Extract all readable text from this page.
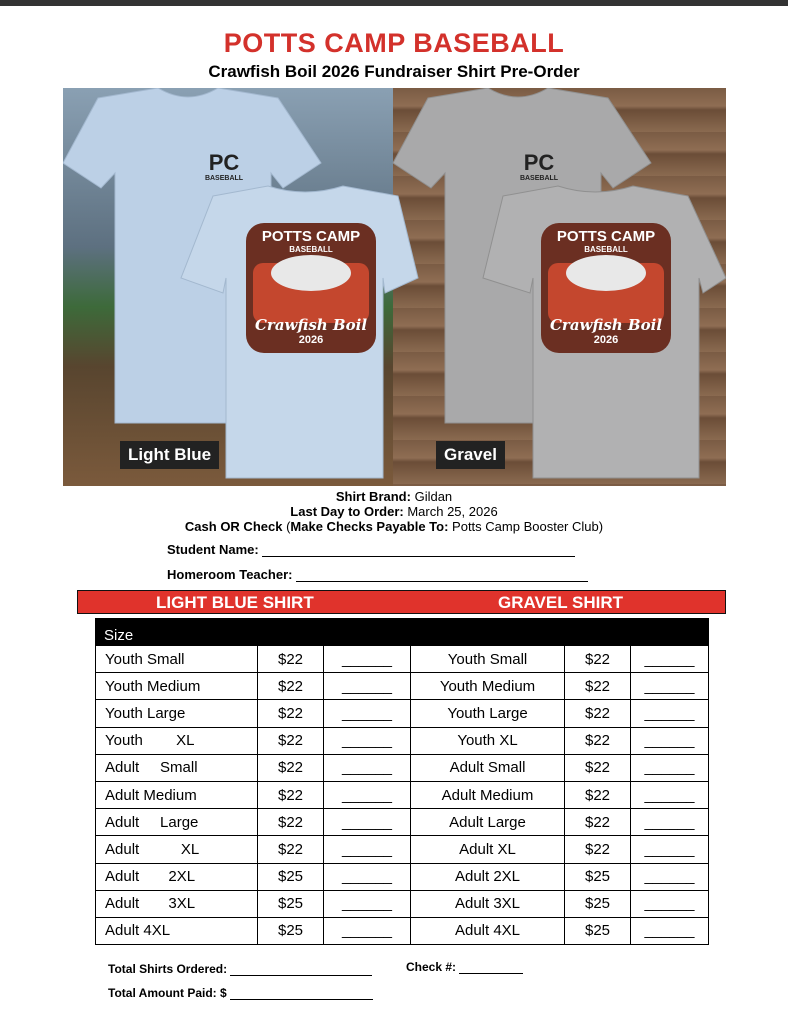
POTTS CAMP BASEBALL
Crawfish Boil 2026 Fundraiser Shirt Pre-Order
PC
BASEBALL
PC
BASEBALL
POTTS CAMP
BASEBALL
Crawfish Boil
2026
POTTS CAMP
BASEBALL
Crawfish Boil
2026
Light Blue	Gravel
Shirt Brand: Gildan
Last Day to Order: March 25, 2026
Cash OR Check (Make Checks Payable To: Potts Camp Booster Club)
Student Name:
Homeroom Teacher:
LIGHT BLUE SHIRT	GRAVEL SHIRT
Size
Youth Small	$22	______	Youth Small	$22	______
Youth Medium	$22	______	Youth Medium	$22	______
Youth Large	$22	______	Youth Large	$22	______
Youth        XL	$22	______	Youth XL	$22	______
Adult     Small	$22	______	Adult Small	$22	______
Adult Medium	$22	______	Adult Medium	$22	______
Adult     Large	$22	______	Adult Large	$22	______
Adult          XL	$22	______	Adult XL	$22	______
Adult       2XL	$25	______	Adult 2XL	$25	______
Adult       3XL	$25	______	Adult 3XL	$25	______
Adult 4XL	$25	______	Adult 4XL	$25	______
Total Shirts Ordered:	Check #:
Total Amount Paid: $
